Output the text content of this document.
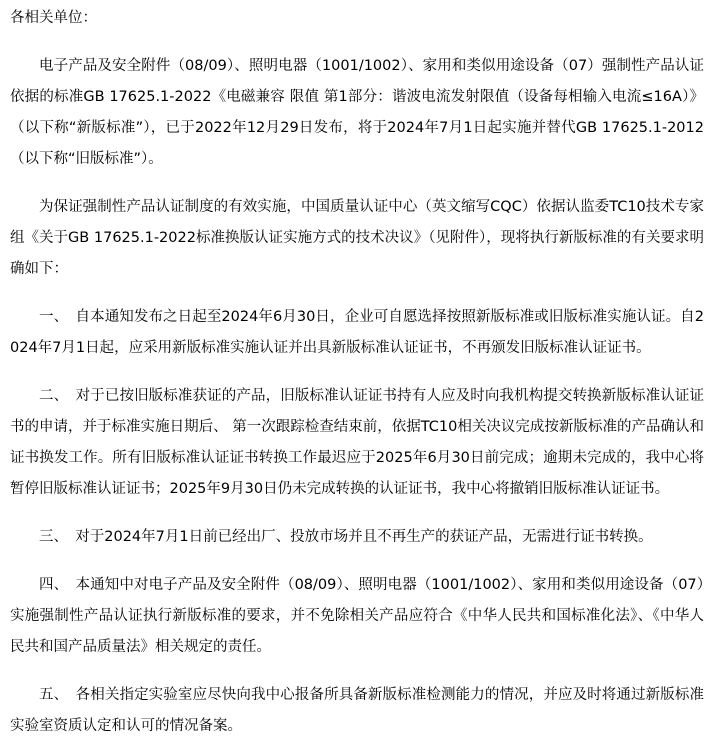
各相关单位：

电子产品及安全附件（08/09）、照明电器（1001/1002）、家用和类似用途设备（07）强制性产品认证依据的标准GB 17625.1-2022《电磁兼容 限值 第1部分：谐波电流发射限值（设备每相输入电流≤16A）》（以下称“新版标准”），已于2022年12月29日发布，将于2024年7月1日起实施并替代GB 17625.1-2012（以下称“旧版标准”）。

为保证强制性产品认证制度的有效实施，中国质量认证中心（英文缩写CQC）依据认监委TC10技术专家组《关于GB 17625.1-2022标准换版认证实施方式的技术决议》（见附件），现将执行新版标准的有关要求明确如下：

一、　自本通知发布之日起至2024年6月30日，企业可自愿选择按照新版标准或旧版标准实施认证。自2024年7月1日起，应采用新版标准实施认证并出具新版标准认证证书，不再颁发旧版标准认证证书。

二、　对于已按旧版标准获证的产品，旧版标准认证证书持有人应及时向我机构提交转换新版标准认证证书的申请，并于标准实施日期后、 第一次跟踪检查结束前，依据TC10相关决议完成按新版标准的产品确认和证书换发工作。所有旧版标准认证证书转换工作最迟应于2025年6月30日前完成；逾期未完成的，我中心将暂停旧版标准认证证书；2025年9月30日仍未完成转换的认证证书，我中心将撤销旧版标准认证证书。

三、　对于2024年7月1日前已经出厂、投放市场并且不再生产的获证产品，无需进行证书转换。

四、　本通知中对电子产品及安全附件（08/09）、照明电器（1001/1002）、家用和类似用途设备（07）实施强制性产品认证执行新版标准的要求，并不免除相关产品应符合《中华人民共和国标准化法》、《中华人民共和国产品质量法》相关规定的责任。

五、　各相关指定实验室应尽快向我中心报备所具备新版标准检测能力的情况，并应及时将通过新版标准实验室资质认定和认可的情况备案。
